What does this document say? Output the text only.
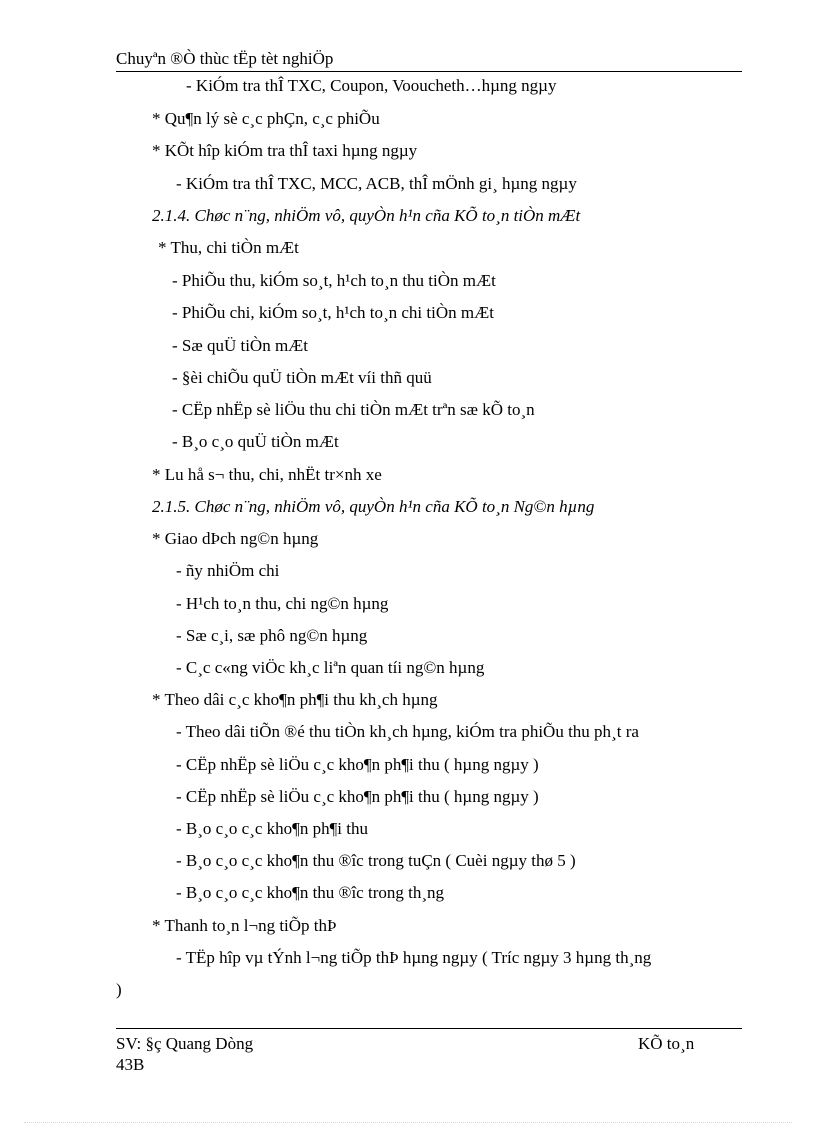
Chuyªn ®Ò thùc tËp tèt nghiÖp
- KiÓm tra thÎ TXC, Coupon, Vooucheth…hµng ngµy
* Qu¶n lý sè c¸c phÇn, c¸c phiÕu
* KÕt hîp kiÓm tra thÎ taxi hµng ngµy
- KiÓm tra thÎ TXC, MCC, ACB, thÎ mÖnh gi¸ hµng ngµy
2.1.4. Chøc n¨ng, nhiÖm vô, quyÒn h¹n cña KÕ to¸n tiÒn mÆt
* Thu, chi tiÒn mÆt
- PhiÕu thu, kiÓm so¸t, h¹ch to¸n thu tiÒn mÆt
- PhiÕu chi, kiÓm so¸t, h¹ch to¸n chi tiÒn mÆt
- Sæ quÜ tiÒn mÆt
- §èi chiÕu quÜ tiÒn mÆt víi thñ quü
- CËp nhËp sè liÖu thu chi tiÒn mÆt trªn sæ kÕ to¸n
- B¸o c¸o quÜ tiÒn mÆt
* Lu hå s¬ thu, chi, nhËt tr×nh xe
2.1.5. Chøc n¨ng, nhiÖm vô, quyÒn h¹n cña KÕ to¸n Ng©n hµng
* Giao dÞch ng©n hµng
- ñy nhiÖm chi
- H¹ch to¸n thu, chi ng©n hµng
- Sæ c¸i, sæ phô ng©n hµng
- C¸c c«ng viÖc kh¸c liªn quan tíi ng©n hµng
* Theo dâi c¸c kho¶n ph¶i thu kh¸ch hµng
- Theo dâi tiÕn ®é thu tiÒn kh¸ch hµng, kiÓm tra phiÕu thu ph¸t ra
- CËp nhËp sè liÖu c¸c kho¶n ph¶i thu ( hµng ngµy )
- CËp nhËp sè liÖu c¸c kho¶n ph¶i thu ( hµng ngµy )
- B¸o c¸o c¸c kho¶n ph¶i thu
- B¸o c¸o c¸c kho¶n thu ®îc trong tuÇn ( Cuèi ngµy thø 5 )
- B¸o c¸o c¸c kho¶n thu ®îc trong th¸ng
* Thanh to¸n l¬ng tiÕp thÞ
- TËp hîp vµ tÝnh l¬ng tiÕp thÞ hµng ngµy ( Tríc ngµy 3 hµng th¸ng
)
SV: §ç Quang Dòng
43B
KÕ to¸n
